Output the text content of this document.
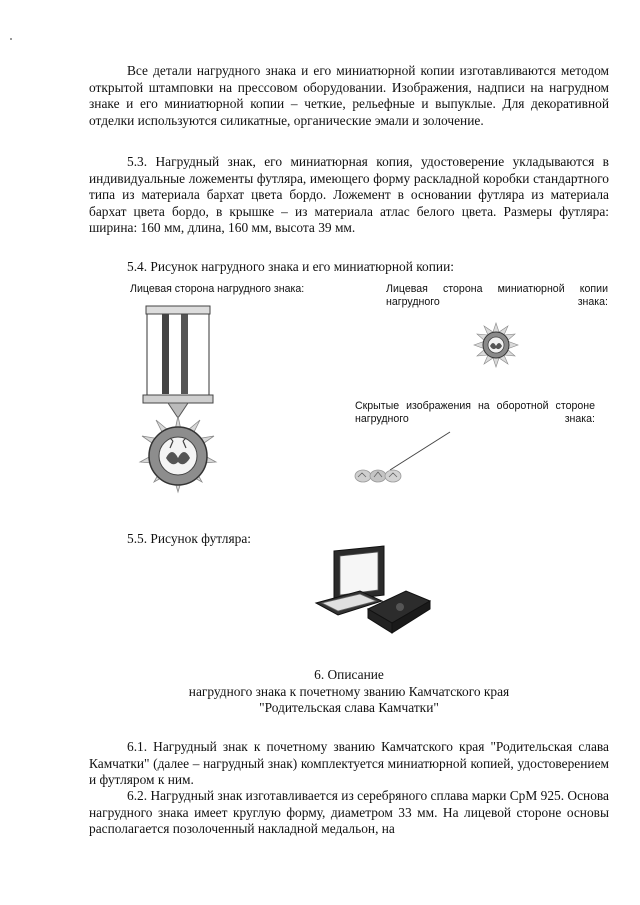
Все детали нагрудного знака и его миниатюрной копии изготавливаются методом открытой штамповки на прессовом оборудовании. Изображения, надписи на нагрудном знаке и его миниатюрной копии – четкие, рельефные и выпуклые. Для декоративной отделки используются силикатные, органические эмали и золочение.

5.3. Нагрудный знак, его миниатюрная копия, удостоверение укладываются в индивидуальные ложементы футляра, имеющего форму раскладной коробки стандартного типа из материала бархат цвета бордо. Ложемент в основании футляра из материала бархат цвета бордо, в крышке – из материала атлас белого цвета. Размеры футляра: ширина: 160 мм, длина, 160 мм, высота 39 мм.

5.4. Рисунок нагрудного знака и его миниатюрной копии:

Лицевая сторона нагрудного знака:	Лицевая сторона миниатюрной копии нагрудного знака:

Скрытые изображения на оборотной стороне нагрудного знака:

5.5. Рисунок футляра:

6. Описание

нагрудного знака к почетному званию Камчатского края

"Родительская слава Камчатки"

6.1. Нагрудный знак к почетному званию Камчатского края "Родительская слава Камчатки" (далее – нагрудный знак) комплектуется миниатюрной копией, удостоверением и футляром к ним.

6.2. Нагрудный знак изготавливается из серебряного сплава марки СрМ 925. Основа нагрудного знака имеет круглую форму, диаметром 33 мм. На лицевой стороне основы располагается позолоченный накладной медальон, на
